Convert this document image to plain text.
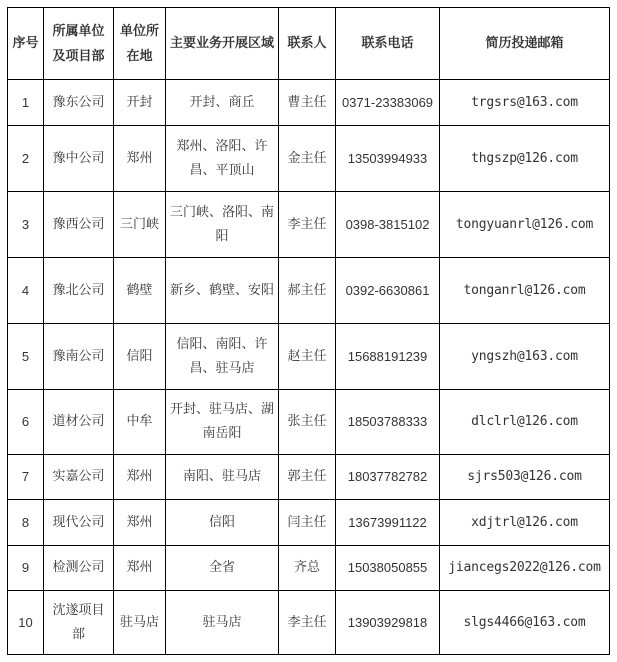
序号	所属单位及项目部	单位所在地	主要业务开展区域	联系人	联系电话	简历投递邮箱
1	豫东公司	开封	开封、商丘	曹主任	0371-23383069	trgsrs@163.com
2	豫中公司	郑州	郑州、洛阳、许昌、平顶山	金主任	13503994933	thgszp@126.com
3	豫西公司	三门峡	三门峡、洛阳、南阳	李主任	0398-3815102	tongyuanrl@126.com
4	豫北公司	鹤壁	新乡、鹤壁、安阳	郝主任	0392-6630861	tonganrl@126.com
5	豫南公司	信阳	信阳、南阳、许昌、驻马店	赵主任	15688191239	yngszh@163.com
6	道材公司	中牟	开封、驻马店、湖南岳阳	张主任	18503788333	dlclrl@126.com
7	实嘉公司	郑州	南阳、驻马店	郭主任	18037782782	sjrs503@126.com
8	现代公司	郑州	信阳	闫主任	13673991122	xdjtrl@126.com
9	检测公司	郑州	全省	齐总	15038050855	jiancegs2022@126.com
10	沈遂项目部	驻马店	驻马店	李主任	13903929818	slgs4466@163.com
